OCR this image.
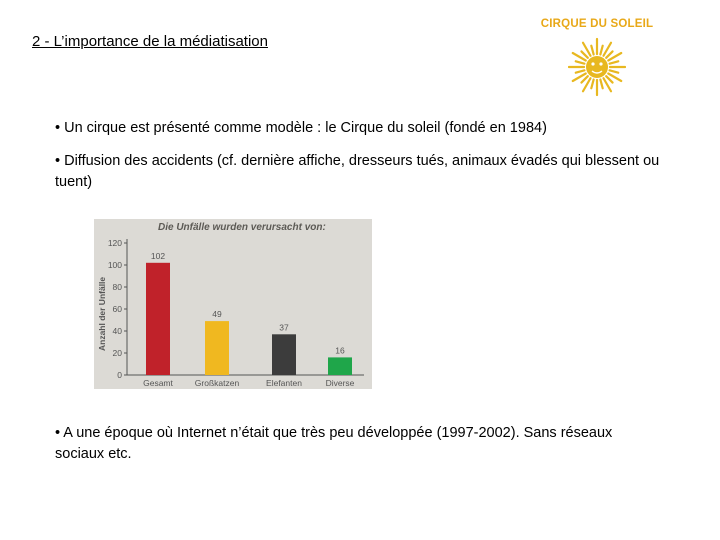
2 - L’importance de la médiatisation
CIRQUE DU SOLEIL
• Un cirque est présenté comme modèle : le Cirque du soleil (fondé en 1984)
• Diffusion des accidents (cf. dernière affiche, dresseurs tués, animaux évadés qui blessent ou tuent)
• A une époque où Internet n’était que très peu développée (1997-2002). Sans réseaux sociaux etc.
Die Unfälle wurden verursacht von:
Anzahl der Unfälle
0
20
40
60
80
100
120
102
Gesamt
49
Großkatzen
37
Elefanten
16
Diverse
